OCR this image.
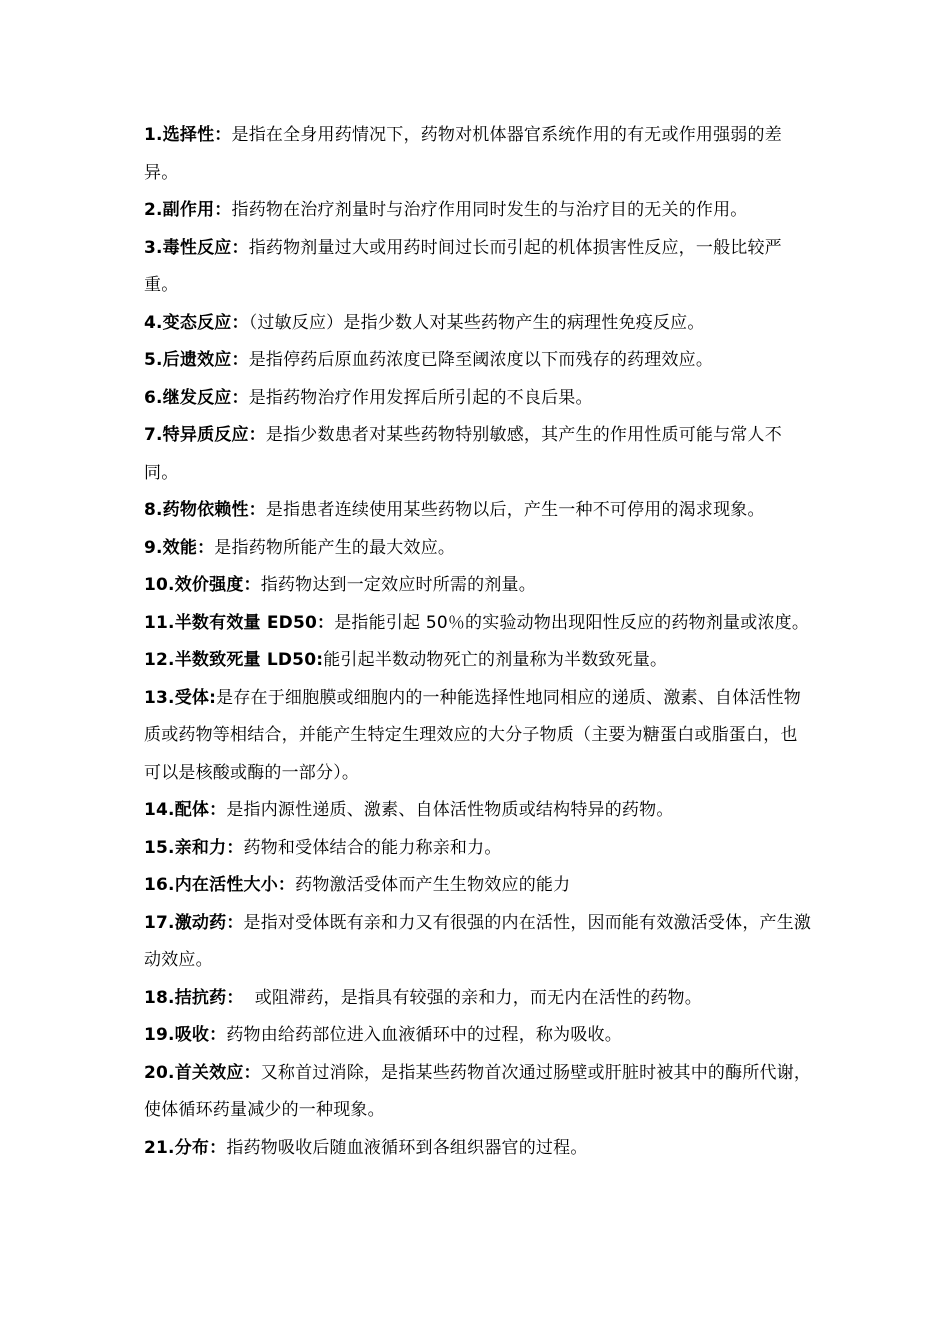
1.选择性：是指在全身用药情况下，药物对机体器官系统作用的有无或作用强弱的差异。

2.副作用：指药物在治疗剂量时与治疗作用同时发生的与治疗目的无关的作用。

3.毒性反应：指药物剂量过大或用药时间过长而引起的机体损害性反应，一般比较严重。

4.变态反应：（过敏反应）是指少数人对某些药物产生的病理性免疫反应。

5.后遗效应：是指停药后原血药浓度已降至阈浓度以下而残存的药理效应。

6.继发反应：是指药物治疗作用发挥后所引起的不良后果。

7.特异质反应：是指少数患者对某些药物特别敏感，其产生的作用性质可能与常人不同。

8.药物依赖性：是指患者连续使用某些药物以后，产生一种不可停用的渴求现象。

9.效能：是指药物所能产生的最大效应。

10.效价强度：指药物达到一定效应时所需的剂量。

11.半数有效量 ED50：是指能引起 50％的实验动物出现阳性反应的药物剂量或浓度。

12.半数致死量 LD50:能引起半数动物死亡的剂量称为半数致死量。

13.受体:是存在于细胞膜或细胞内的一种能选择性地同相应的递质、激素、自体活性物质或药物等相结合，并能产生特定生理效应的大分子物质（主要为糖蛋白或脂蛋白，也可以是核酸或酶的一部分）。

14.配体：是指内源性递质、激素、自体活性物质或结构特异的药物。

15.亲和力：药物和受体结合的能力称亲和力。

16.内在活性大小：药物激活受体而产生生物效应的能力

17.激动药：是指对受体既有亲和力又有很强的内在活性，因而能有效激活受体，产生激动效应。

18.拮抗药：  或阻滞药，是指具有较强的亲和力，而无内在活性的药物。

19.吸收：药物由给药部位进入血液循环中的过程，称为吸收。

20.首关效应：又称首过消除，是指某些药物首次通过肠壁或肝脏时被其中的酶所代谢，使体循环药量减少的一种现象。

21.分布：指药物吸收后随血液循环到各组织器官的过程。
